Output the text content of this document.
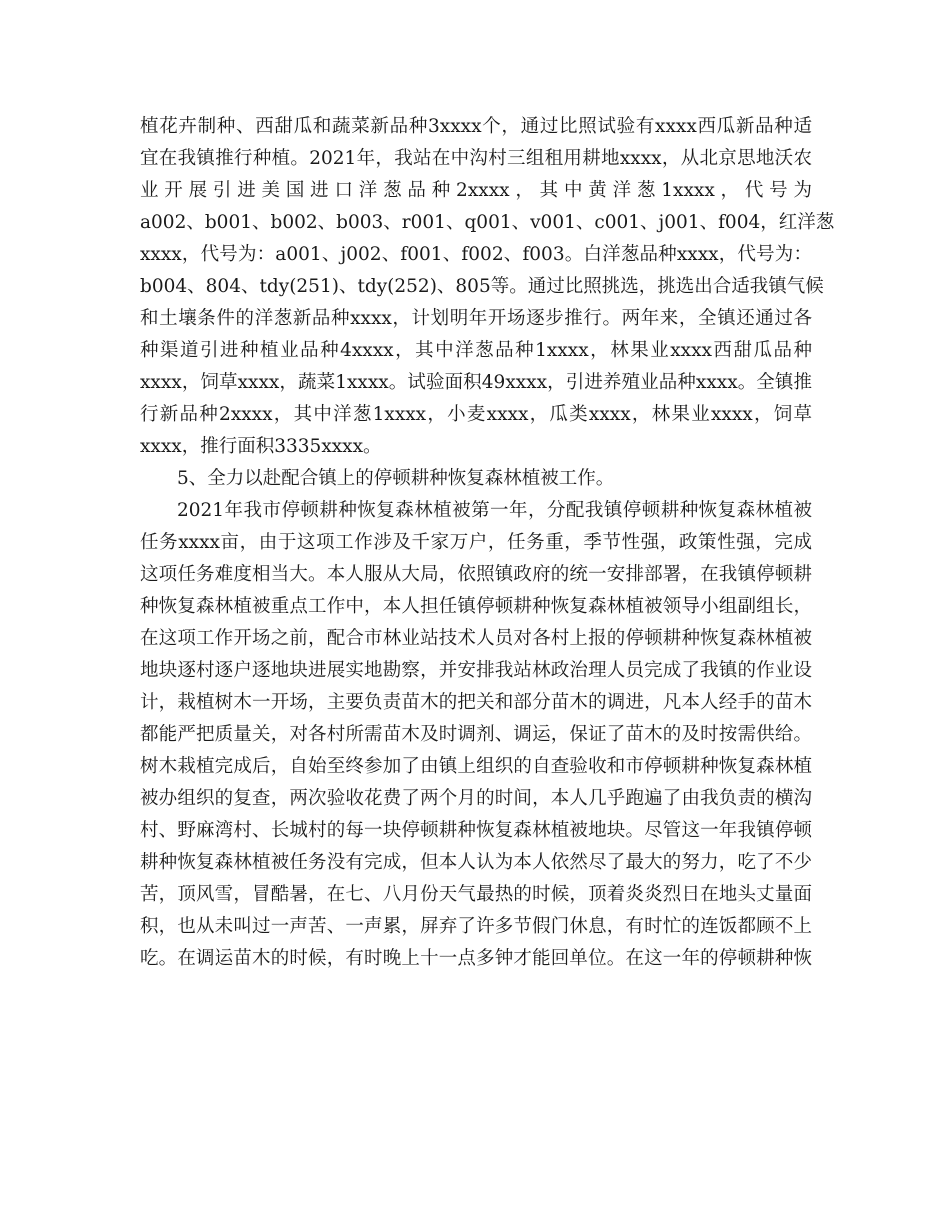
植花卉制种、西甜瓜和蔬菜新品种3xxxx个，通过比照试验有xxxx西瓜新品种适
宜在我镇推行种植。2021年，我站在中沟村三组租用耕地xxxx，从北京思地沃农
业开展引进美国进口洋葱品种2xxxx，其中黄洋葱1xxxx，代号为
a002、b001、b002、b003、r001、q001、v001、c001、j001、f004，红洋葱
xxxx，代号为：a001、j002、f001、f002、f003。白洋葱品种xxxx，代号为：
b004、804、tdy(251)、tdy(252)、805等。通过比照挑选，挑选出合适我镇气候
和土壤条件的洋葱新品种xxxx，计划明年开场逐步推行。两年来，全镇还通过各
种渠道引进种植业品种4xxxx，其中洋葱品种1xxxx，林果业xxxx西甜瓜品种
xxxx，饲草xxxx，蔬菜1xxxx。试验面积49xxxx，引进养殖业品种xxxx。全镇推
行新品种2xxxx，其中洋葱1xxxx，小麦xxxx，瓜类xxxx，林果业xxxx，饲草
xxxx，推行面积3335xxxx。
5、全力以赴配合镇上的停顿耕种恢复森林植被工作。
2021年我市停顿耕种恢复森林植被第一年，分配我镇停顿耕种恢复森林植被
任务xxxx亩，由于这项工作涉及千家万户，任务重，季节性强，政策性强，完成
这项任务难度相当大。本人服从大局，依照镇政府的统一安排部署，在我镇停顿耕
种恢复森林植被重点工作中，本人担任镇停顿耕种恢复森林植被领导小组副组长，
在这项工作开场之前，配合市林业站技术人员对各村上报的停顿耕种恢复森林植被
地块逐村逐户逐地块进展实地勘察，并安排我站林政治理人员完成了我镇的作业设
计，栽植树木一开场，主要负责苗木的把关和部分苗木的调进，凡本人经手的苗木
都能严把质量关，对各村所需苗木及时调剂、调运，保证了苗木的及时按需供给。
树木栽植完成后，自始至终参加了由镇上组织的自查验收和市停顿耕种恢复森林植
被办组织的复查，两次验收花费了两个月的时间，本人几乎跑遍了由我负责的横沟
村、野麻湾村、长城村的每一块停顿耕种恢复森林植被地块。尽管这一年我镇停顿
耕种恢复森林植被任务没有完成，但本人认为本人依然尽了最大的努力，吃了不少
苦，顶风雪，冒酷暑，在七、八月份天气最热的时候，顶着炎炎烈日在地头丈量面
积，也从未叫过一声苦、一声累，屏弃了许多节假门休息，有时忙的连饭都顾不上
吃。在调运苗木的时候，有时晚上十一点多钟才能回单位。在这一年的停顿耕种恢
